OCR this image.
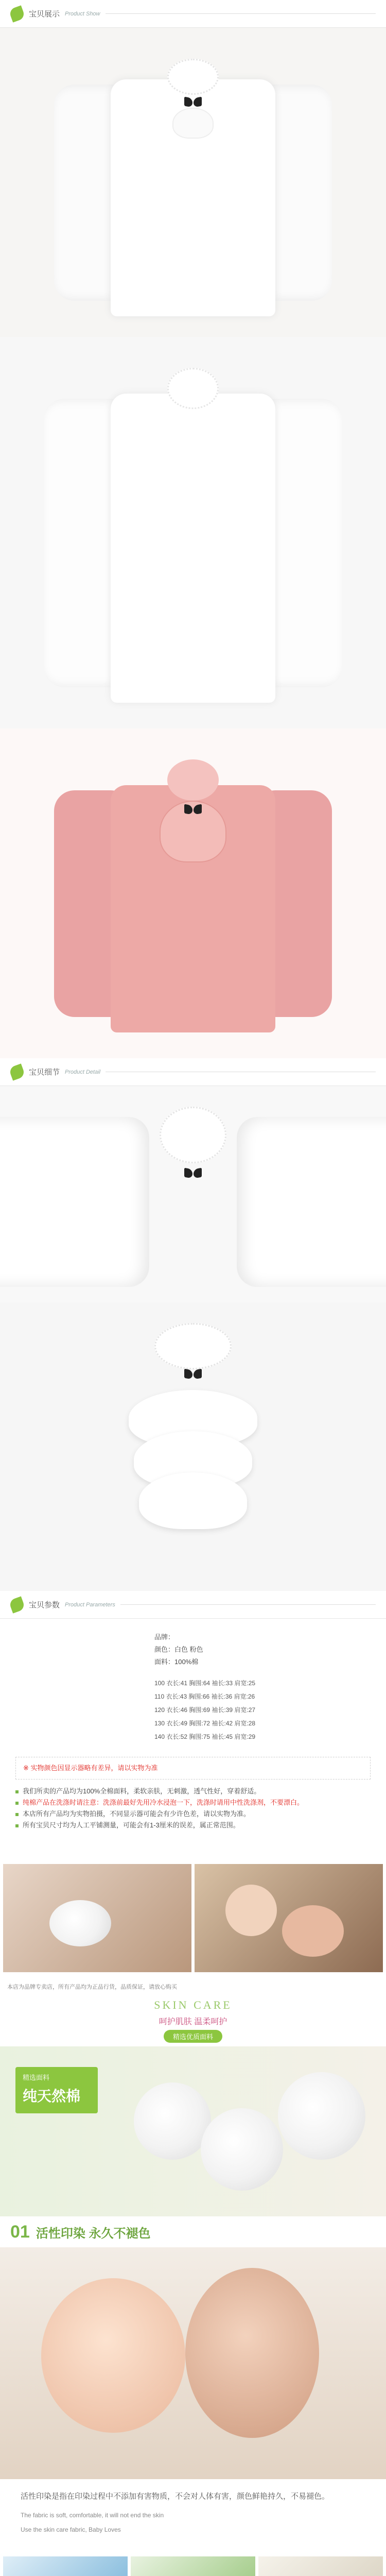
宝贝展示 Product Show
宝贝细节 Product Detail
宝贝参数 Product Parameters
品牌：
颜色：白色 粉色
面料：100%棉
100 衣长:41 胸围:64 袖长:33 肩宽:25
110 衣长:43 胸围:66 袖长:36 肩宽:26
120 衣长:46 胸围:69 袖长:39 肩宽:27
130 衣长:49 胸围:72 袖长:42 肩宽:28
140 衣长:52 胸围:75 袖长:45 肩宽:29
※ 实物颜色因显示器略有差异，请以实物为准
我们所卖的产品均为100%全棉面料，柔软亲肤，无刺激，透气性好，穿着舒适。
纯棉产品在洗涤时请注意：洗涤前最好先用冷水浸泡一下，洗涤时请用中性洗涤剂，不要漂白。
本店所有产品均为实物拍摄，不同显示器可能会有少许色差，请以实物为准。
所有宝贝尺寸均为人工平铺测量，可能会有1-3厘米的误差，属正常范围。
本店为品牌专卖店，所有产品均为正品行货，品质保证，请放心购买
SKIN CARE
呵护肌肤 温柔呵护
精选优质面料
精选面料
纯天然棉
01 活性印染 永久不褪色
活性印染是指在印染过程中不添加有害物质，不会对人体有害，颜色鲜艳持久，不易褪色。
The fabric is soft, comfortable, it will not end the skin
Use the skin care fabric, Baby Loves
